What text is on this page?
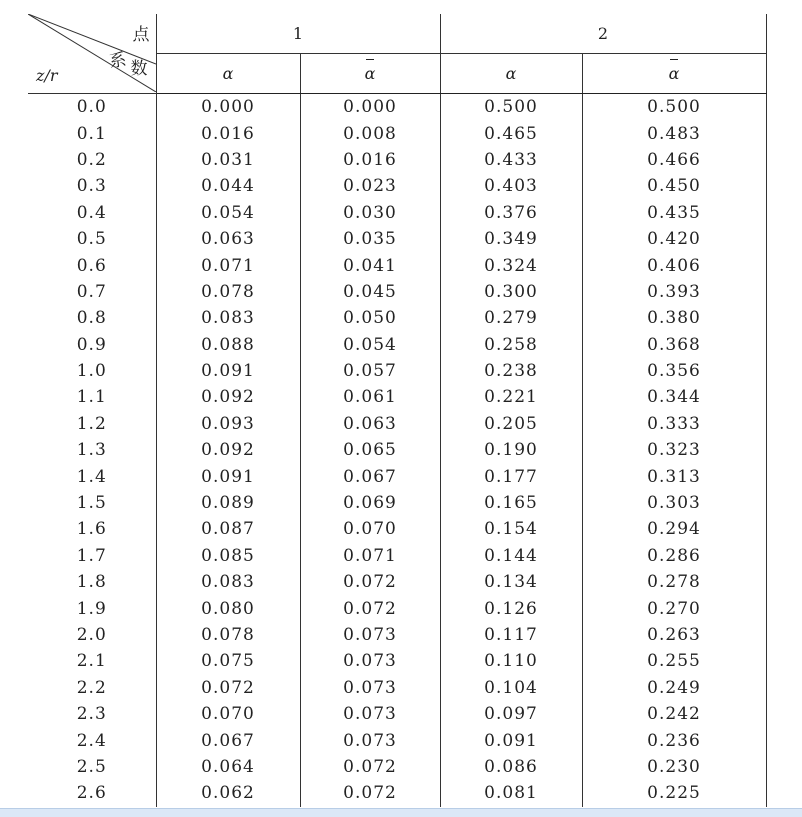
点
系 数
z/r	1		2	
	α	α	α	α
0.0	0.000	0.000	0.500	0.500
0.1	0.016	0.008	0.465	0.483
0.2	0.031	0.016	0.433	0.466
0.3	0.044	0.023	0.403	0.450
0.4	0.054	0.030	0.376	0.435
0.5	0.063	0.035	0.349	0.420
0.6	0.071	0.041	0.324	0.406
0.7	0.078	0.045	0.300	0.393
0.8	0.083	0.050	0.279	0.380
0.9	0.088	0.054	0.258	0.368
1.0	0.091	0.057	0.238	0.356
1.1	0.092	0.061	0.221	0.344
1.2	0.093	0.063	0.205	0.333
1.3	0.092	0.065	0.190	0.323
1.4	0.091	0.067	0.177	0.313
1.5	0.089	0.069	0.165	0.303
1.6	0.087	0.070	0.154	0.294
1.7	0.085	0.071	0.144	0.286
1.8	0.083	0.072	0.134	0.278
1.9	0.080	0.072	0.126	0.270
2.0	0.078	0.073	0.117	0.263
2.1	0.075	0.073	0.110	0.255
2.2	0.072	0.073	0.104	0.249
2.3	0.070	0.073	0.097	0.242
2.4	0.067	0.073	0.091	0.236
2.5	0.064	0.072	0.086	0.230
2.6	0.062	0.072	0.081	0.225
